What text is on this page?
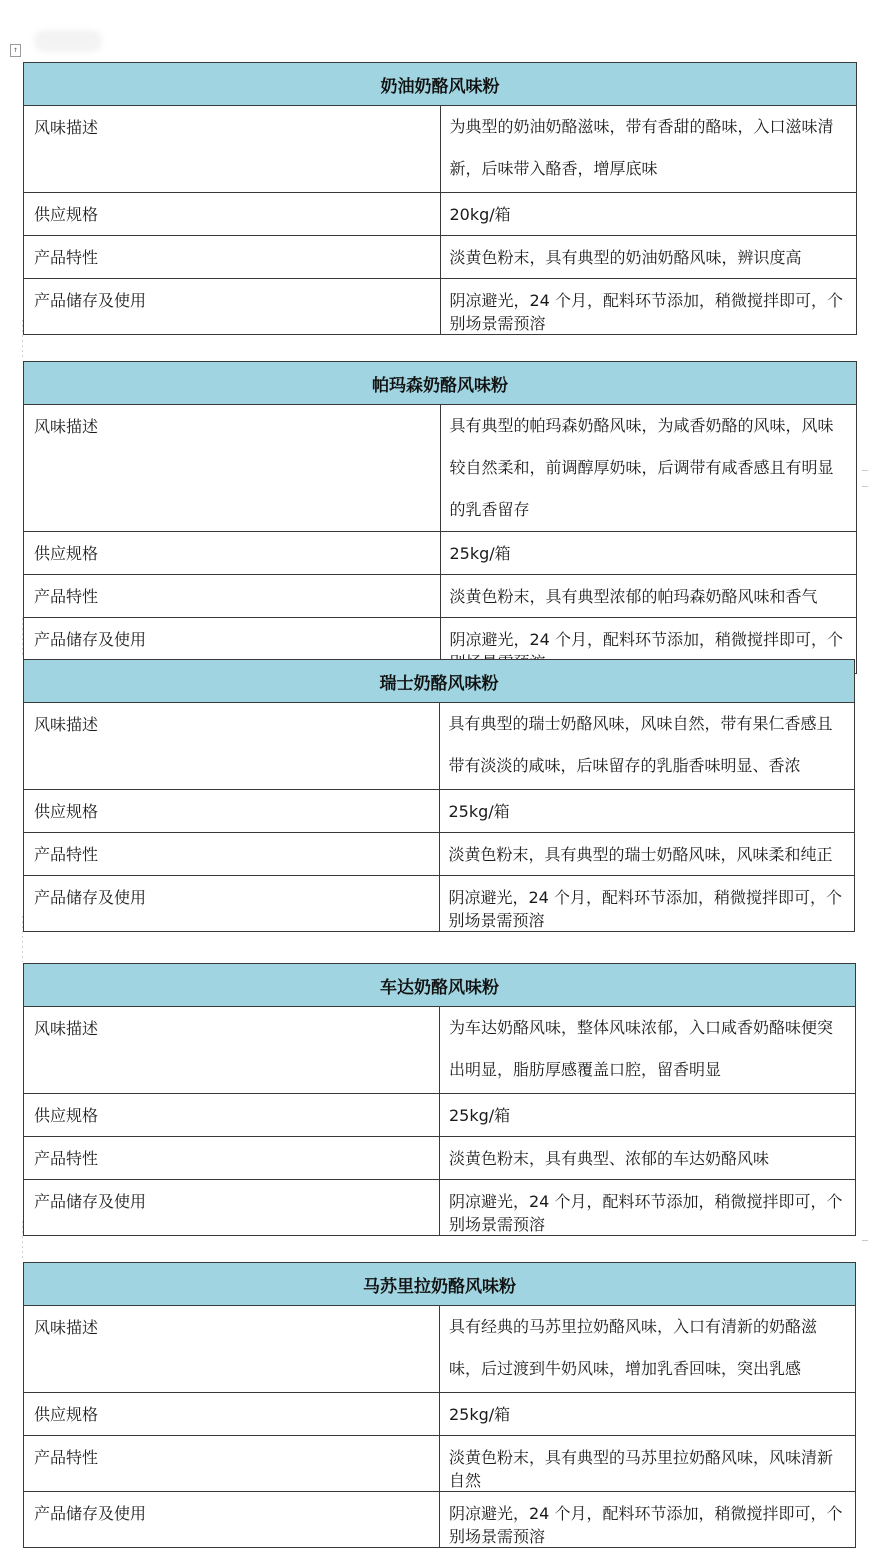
↑
奶油奶酪风味粉	
风味描述	为典型的奶油奶酪滋味，带有香甜的酪味，入口滋味清新，后味带入酪香，增厚底味
供应规格	20kg/箱
产品特性	淡黄色粉末，具有典型的奶油奶酪风味，辨识度高
产品储存及使用	阴凉避光，24 个月，配料环节添加，稍微搅拌即可，个别场景需预溶
帕玛森奶酪风味粉	
风味描述	具有典型的帕玛森奶酪风味，为咸香奶酪的风味，风味较自然柔和，前调醇厚奶味，后调带有咸香感且有明显的乳香留存
供应规格	25kg/箱
产品特性	淡黄色粉末，具有典型浓郁的帕玛森奶酪风味和香气
产品储存及使用	阴凉避光，24 个月，配料环节添加，稍微搅拌即可，个
瑞士奶酪风味粉	
风味描述	具有典型的瑞士奶酪风味，风味自然，带有果仁香感且带有淡淡的咸味，后味留存的乳脂香味明显、香浓
供应规格	25kg/箱
产品特性	淡黄色粉末，具有典型的瑞士奶酪风味，风味柔和纯正
产品储存及使用	阴凉避光，24 个月，配料环节添加，稍微搅拌即可，个别场景需预溶
车达奶酪风味粉	
风味描述	为车达奶酪风味，整体风味浓郁，入口咸香奶酪味便突出明显，脂肪厚感覆盖口腔，留香明显
供应规格	25kg/箱
产品特性	淡黄色粉末，具有典型、浓郁的车达奶酪风味
产品储存及使用	阴凉避光，24 个月，配料环节添加，稍微搅拌即可，个别场景需预溶
马苏里拉奶酪风味粉	
风味描述	具有经典的马苏里拉奶酪风味，入口有清新的奶酪滋味，后过渡到牛奶风味，增加乳香回味，突出乳感
供应规格	25kg/箱
产品特性	淡黄色粉末，具有典型的马苏里拉奶酪风味，风味清新自然
产品储存及使用	阴凉避光，24 个月，配料环节添加，稍微搅拌即可，个别场景需预溶
